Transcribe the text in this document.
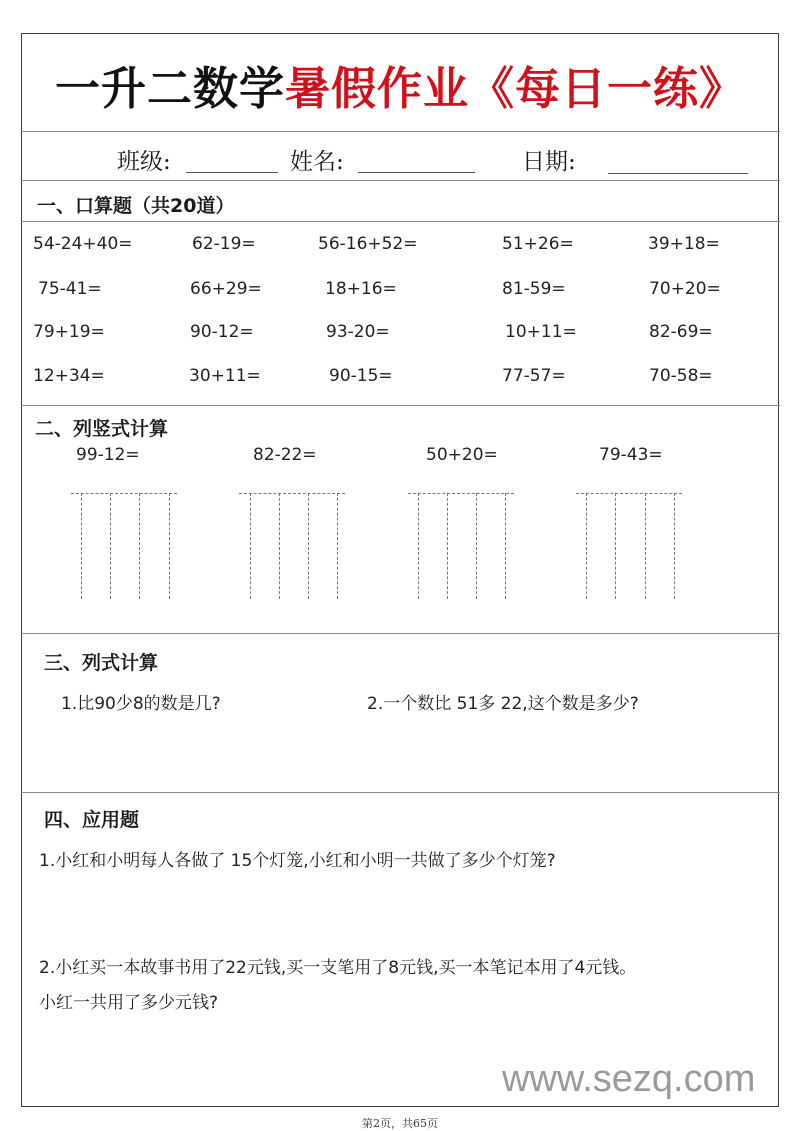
一升二数学暑假作业《每日一练》
班级:	姓名:	日期:
一、口算题（共20道）
54-24+40=	62-19=	56-16+52=	51+26=	39+18=
75-41=	66+29=	18+16=	81-59=	70+20=
79+19=	90-12=	93-20=	10+11=	82-69=
12+34=	30+11=	90-15=	77-57=	70-58=
二、列竖式计算
99-12=	82-22=	50+20=	79-43=
三、列式计算
1.比90少8的数是几?	2.一个数比 51多 22,这个数是多少?
四、应用题
1.小红和小明每人各做了 15个灯笼,小红和小明一共做了多少个灯笼?
2.小红买一本故事书用了22元钱,买一支笔用了8元钱,买一本笔记本用了4元钱。
小红一共用了多少元钱?
www.sezq.com
第2页，共65页
